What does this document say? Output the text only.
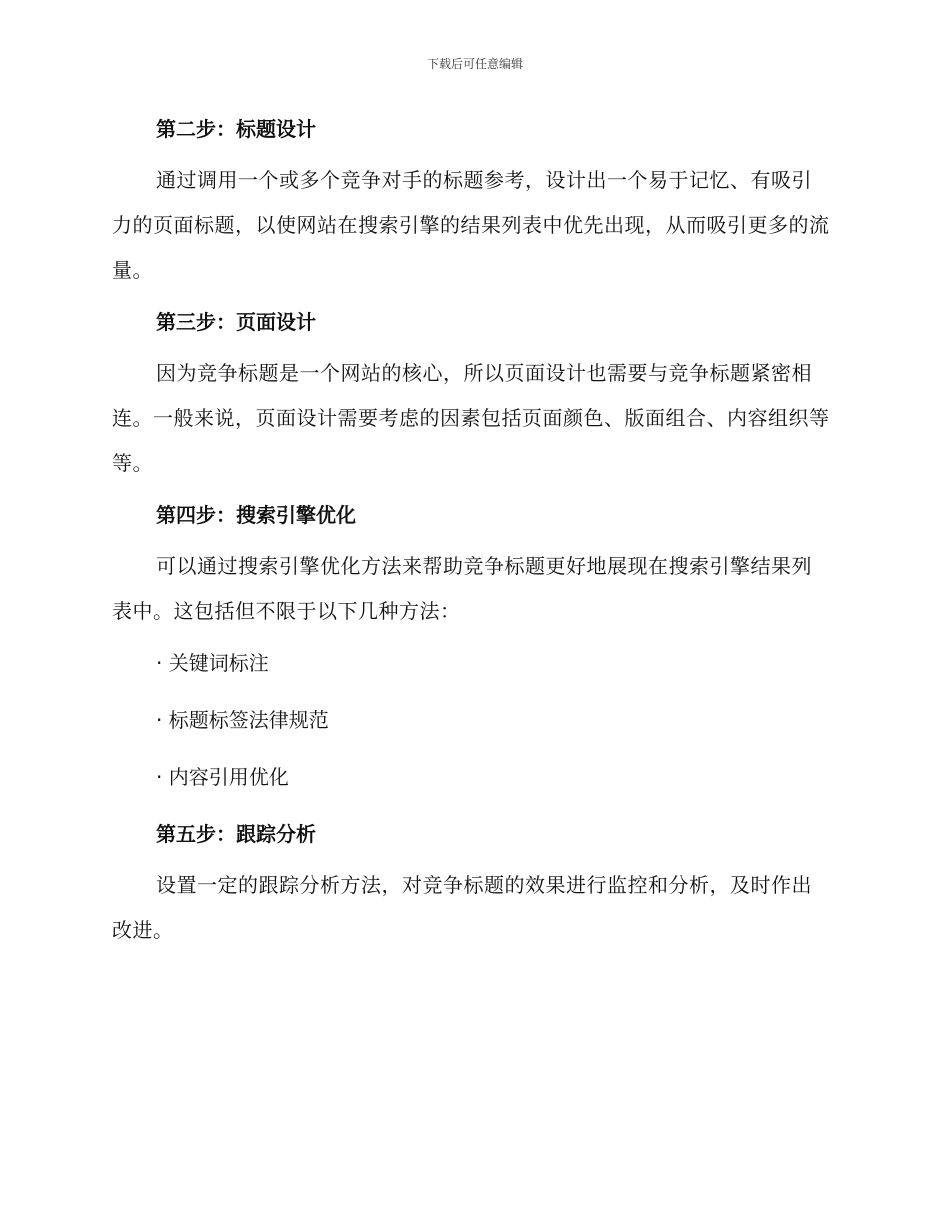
下载后可任意编辑

第二步：标题设计

通过调用一个或多个竞争对手的标题参考，设计出一个易于记忆、有吸引力的页面标题，以使网站在搜索引擎的结果列表中优先出现，从而吸引更多的流量。

第三步：页面设计

因为竞争标题是一个网站的核心，所以页面设计也需要与竞争标题紧密相连。一般来说，页面设计需要考虑的因素包括页面颜色、版面组合、内容组织等等。

第四步：搜索引擎优化

可以通过搜索引擎优化方法来帮助竞争标题更好地展现在搜索引擎结果列表中。这包括但不限于以下几种方法：

· 关键词标注

· 标题标签法律规范

· 内容引用优化

第五步：跟踪分析

设置一定的跟踪分析方法，对竞争标题的效果进行监控和分析，及时作出改进。
